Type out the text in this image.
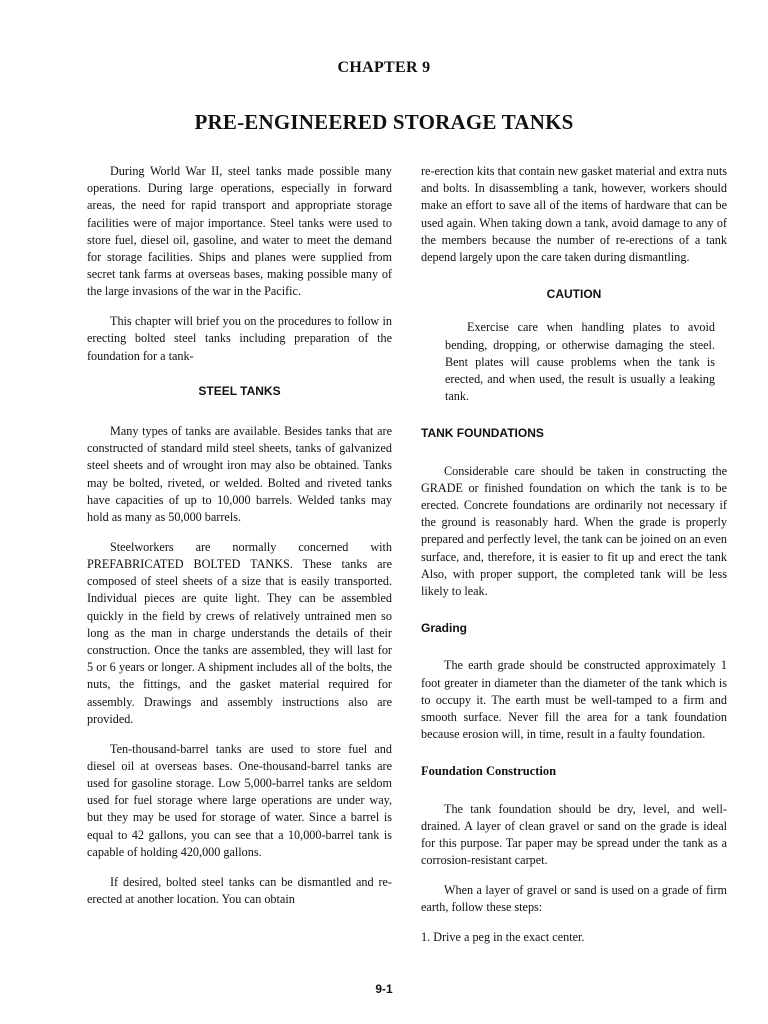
CHAPTER 9
PRE-ENGINEERED STORAGE TANKS

During World War II, steel tanks made possible many operations. During large operations, especially in forward areas, the need for rapid transport and appropriate storage facilities were of major importance. Steel tanks were used to store fuel, diesel oil, gasoline, and water to meet the demand for storage facilities. Ships and planes were supplied from secret tank farms at overseas bases, making possible many of the large invasions of the war in the Pacific.

This chapter will brief you on the procedures to follow in erecting bolted steel tanks including preparation of the foundation for a tank-

STEEL TANKS

Many types of tanks are available. Besides tanks that are constructed of standard mild steel sheets, tanks of galvanized steel sheets and of wrought iron may also be obtained. Tanks may be bolted, riveted, or welded. Bolted and riveted tanks have capacities of up to 10,000 barrels. Welded tanks may hold as many as 50,000 barrels.

Steelworkers are normally concerned with PREFABRICATED BOLTED TANKS. These tanks are composed of steel sheets of a size that is easily transported. Individual pieces are quite light. They can be assembled quickly in the field by crews of relatively untrained men so long as the man in charge understands the details of their construction. Once the tanks are assembled, they will last for 5 or 6 years or longer. A shipment includes all of the bolts, the nuts, the fittings, and the gasket material required for assembly. Drawings and assembly instructions also are provided.

Ten-thousand-barrel tanks are used to store fuel and diesel oil at overseas bases. One-thousand-barrel tanks are used for gasoline storage. Low 5,000-barrel tanks are seldom used for fuel storage where large operations are under way, but they may be used for storage of water. Since a barrel is equal to 42 gallons, you can see that a 10,000-barrel tank is capable of holding 420,000 gallons.

If desired, bolted steel tanks can be dismantled and re-erected at another location. You can obtain

re-erection kits that contain new gasket material and extra nuts and bolts. In disassembling a tank, however, workers should make an effort to save all of the items of hardware that can be used again. When taking down a tank, avoid damage to any of the members because the number of re-erections of a tank depend largely upon the care taken during dismantling.

CAUTION

Exercise care when handling plates to avoid bending, dropping, or otherwise damaging the steel. Bent plates will cause problems when the tank is erected, and when used, the result is usually a leaking tank.

TANK FOUNDATIONS

Considerable care should be taken in constructing the GRADE or finished foundation on which the tank is to be erected. Concrete foundations are ordinarily not necessary if the ground is reasonably hard. When the grade is properly prepared and perfectly level, the tank can be joined on an even surface, and, therefore, it is easier to fit up and erect the tank Also, with proper support, the completed tank will be less likely to leak.

Grading

The earth grade should be constructed approximately 1 foot greater in diameter than the diameter of the tank which is to occupy it. The earth must be well-tamped to a firm and smooth surface. Never fill the area for a tank foundation because erosion will, in time, result in a faulty foundation.

Foundation Construction

The tank foundation should be dry, level, and well-drained. A layer of clean gravel or sand on the grade is ideal for this purpose. Tar paper may be spread under the tank as a corrosion-resistant carpet.

When a layer of gravel or sand is used on a grade of firm earth, follow these steps:

1. Drive a peg in the exact center.

9-1
